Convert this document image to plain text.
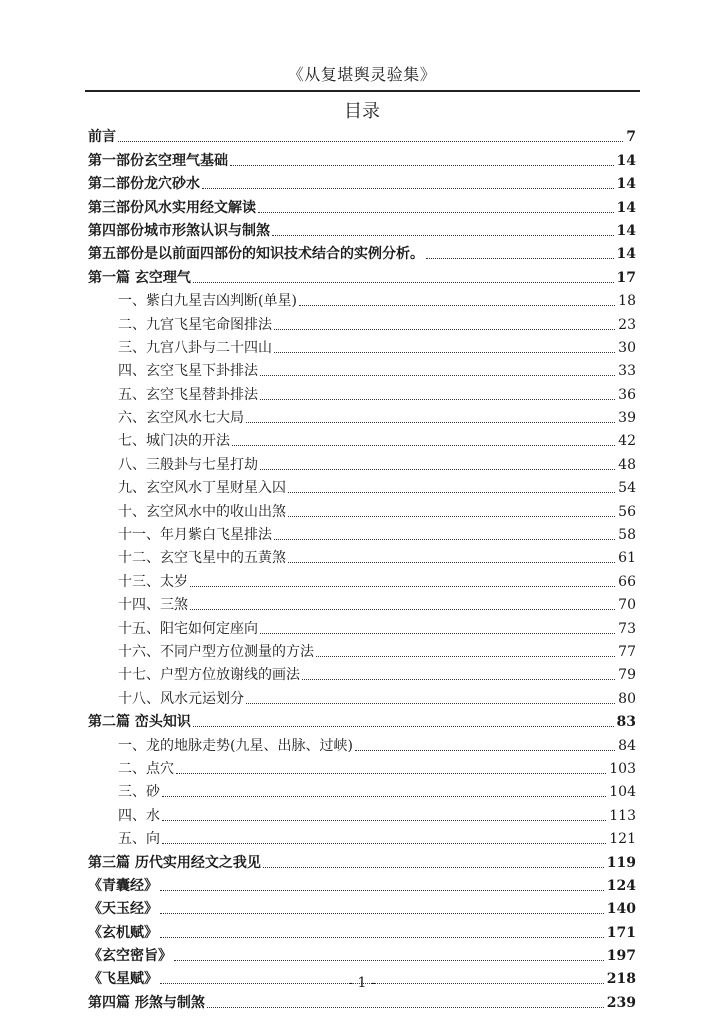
《从复堪舆灵验集》
目录
前言	7
第一部份玄空理气基础	14
第二部份龙穴砂水	14
第三部份风水实用经文解读	14
第四部份城市形煞认识与制煞	14
第五部份是以前面四部份的知识技术结合的实例分析。	14
第一篇 玄空理气	17
一、紫白九星吉凶判断(单星)	18
二、九宫飞星宅命图排法	23
三、九宫八卦与二十四山	30
四、玄空飞星下卦排法	33
五、玄空飞星替卦排法	36
六、玄空风水七大局	39
七、城门决的开法	42
八、三般卦与七星打劫	48
九、玄空风水丁星财星入囚	54
十、玄空风水中的收山出煞	56
十一、年月紫白飞星排法	58
十二、玄空飞星中的五黄煞	61
十三、太岁	66
十四、三煞	70
十五、阳宅如何定座向	73
十六、不同户型方位测量的方法	77
十七、户型方位放谢线的画法	79
十八、风水元运划分	80
第二篇 峦头知识	83
一、龙的地脉走势(九星、出脉、过峡)	84
二、点穴	103
三、砂	104
四、水	113
五、向	121
第三篇 历代实用经文之我见	119
《青囊经》	124
《天玉经》	140
《玄机赋》	171
《玄空密旨》	197
《飞星赋》	218
第四篇 形煞与制煞	239
- 1 -
